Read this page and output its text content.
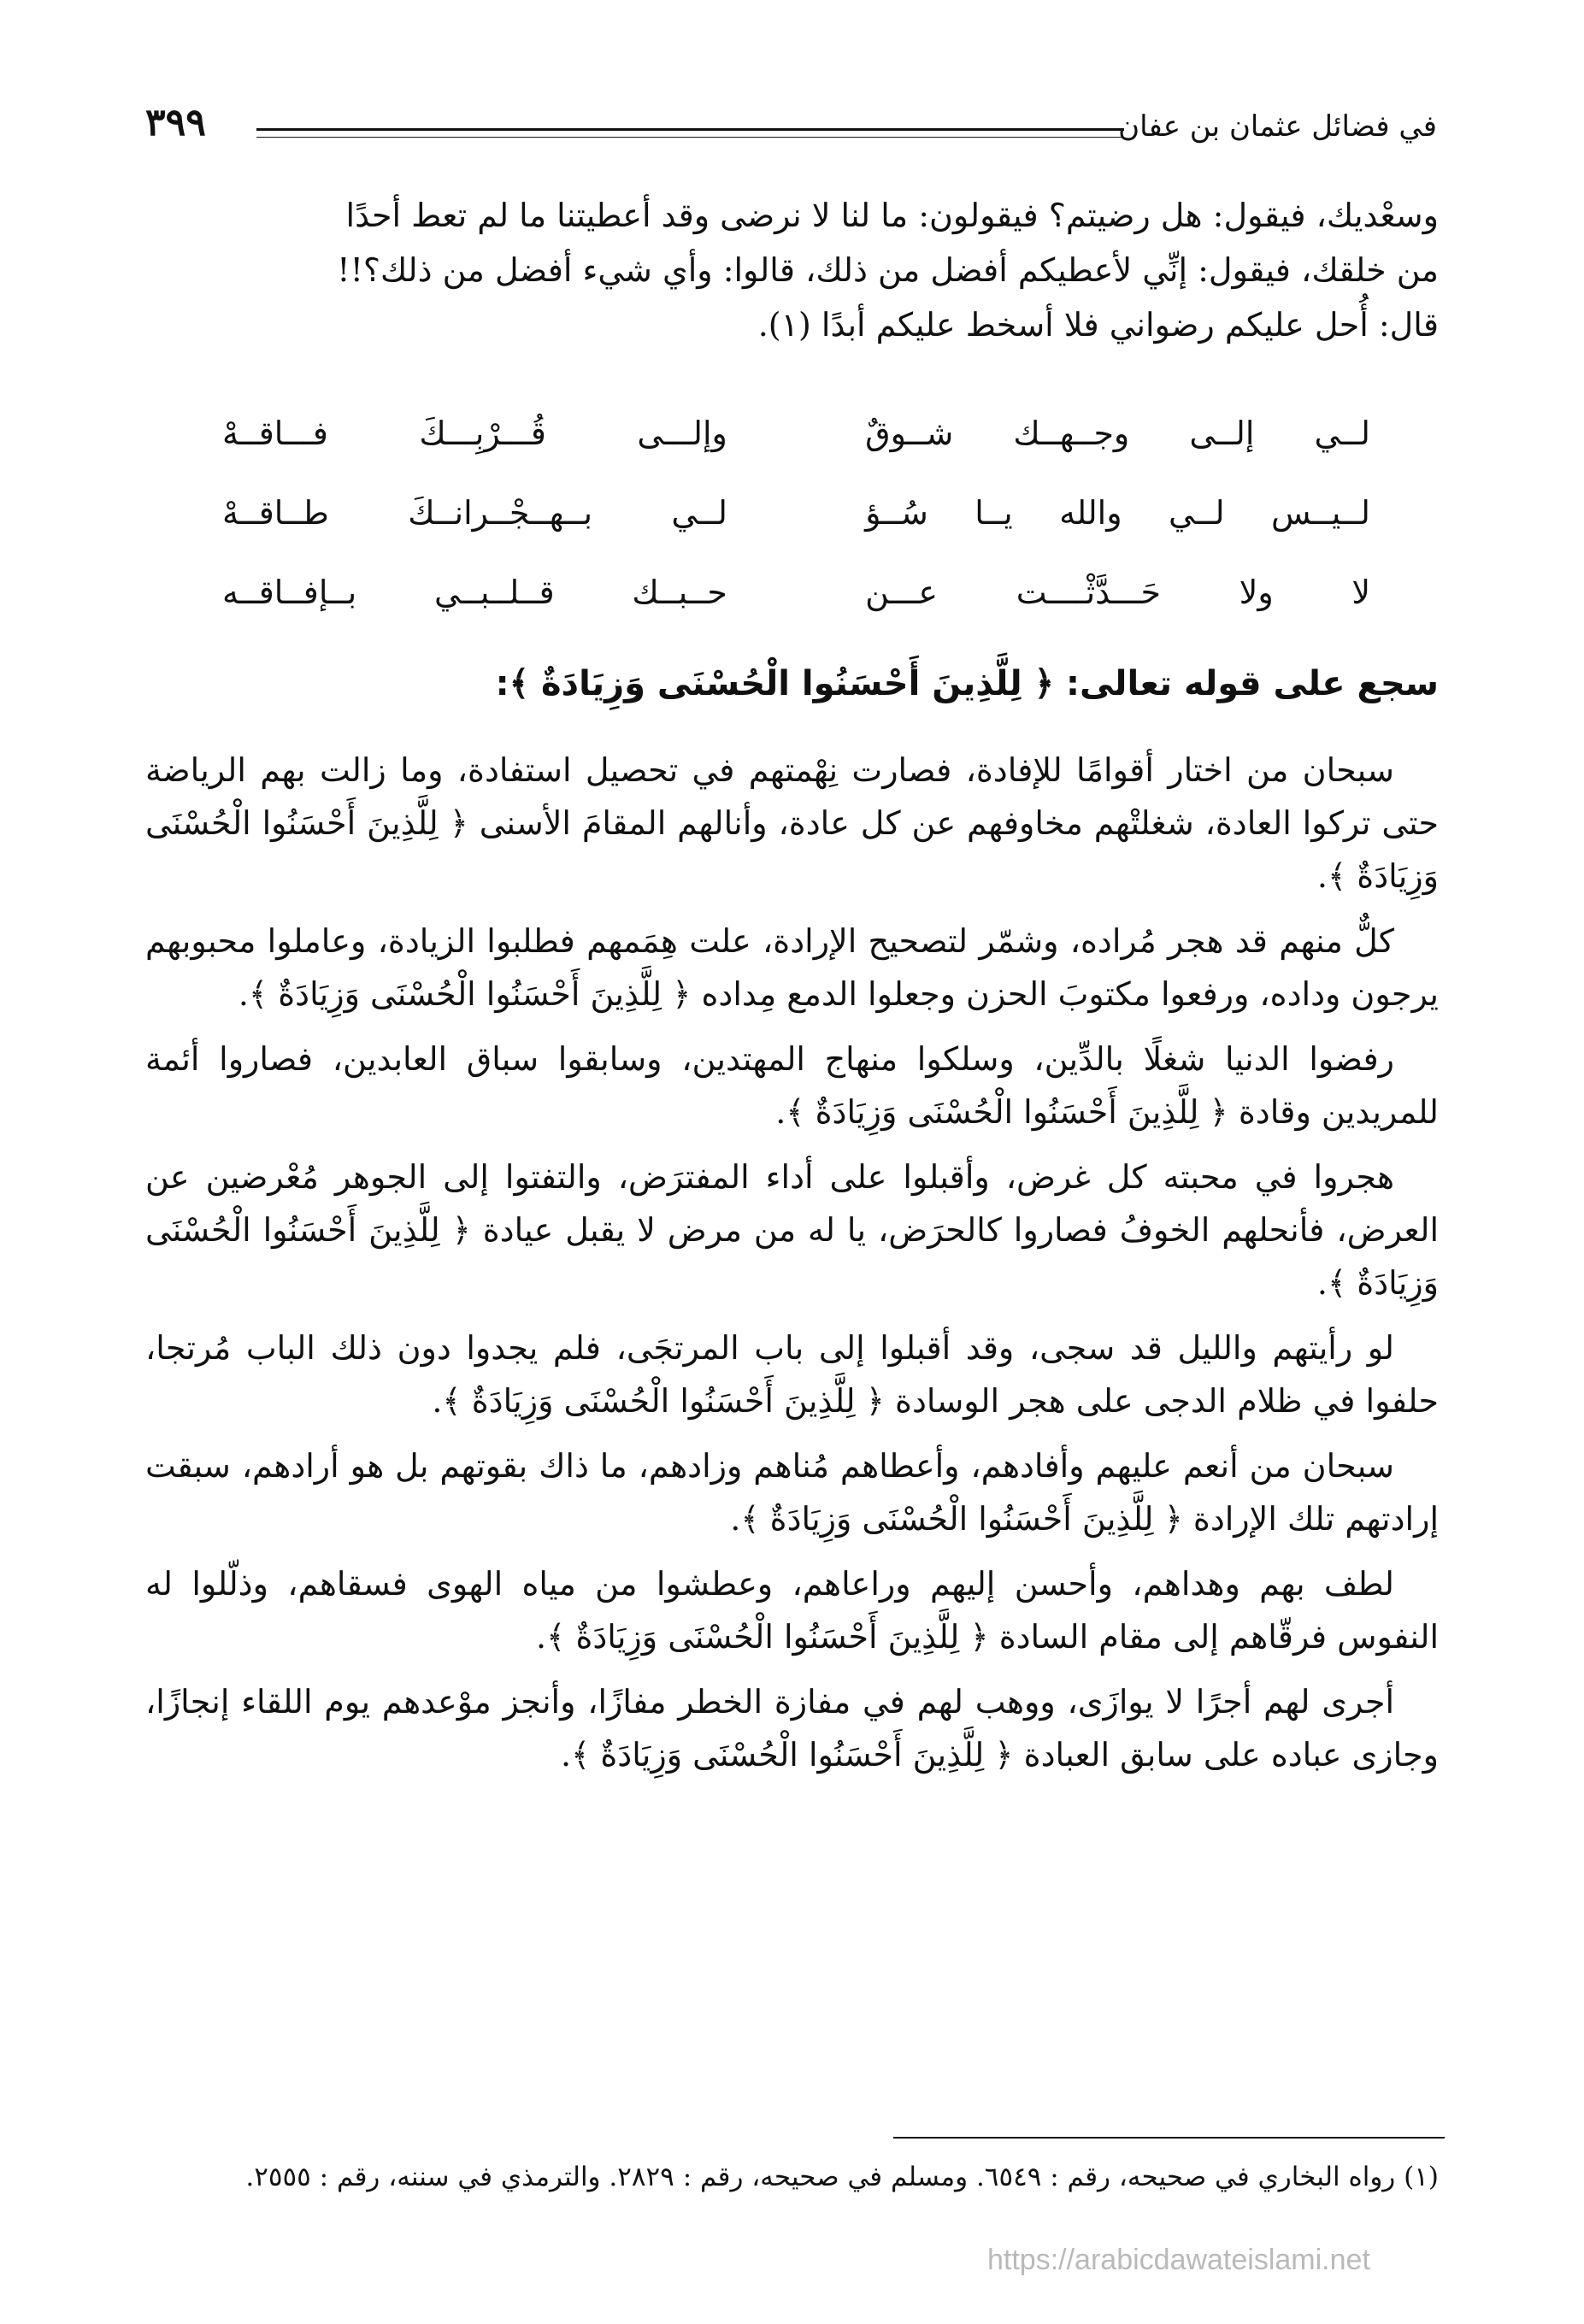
في فضائل عثمان بن عفان
٣٩٩
وسعْديك، فيقول: هل رضيتم؟ فيقولون: ما لنا لا نرضى وقد أعطيتنا ما لم تعط أحدًا
من خلقك، فيقول: إنِّي لأعطيكم أفضل من ذلك، قالوا: وأي شيء أفضل من ذلك؟!!
قال: أُحل عليكم رضواني فلا أسخط عليكم أبدًا (١).
لــي إلــى وجــهــك شــوقٌ
وإلـــى قُـــرْبِـــكَ فـــاقــهْ
لــيــس لــي والله يــا سُــؤ
لــي بــهــجْــرانــكَ طــاقــهْ
لا ولا حَـــدَّثْــــت عـــن
حــبــك قــلــبــي بــإفــاقــه
سجع على قوله تعالى: ﴿ لِلَّذِينَ أَحْسَنُوا الْحُسْنَى وَزِيَادَةٌ ﴾:

سبحان من اختار أقوامًا للإفادة، فصارت نِهْمتهم في تحصيل استفادة، وما زالت بهم الرياضة حتى تركوا العادة، شغلتْهم مخاوفهم عن كل عادة، وأنالهم المقامَ الأسنى ﴿ لِلَّذِينَ أَحْسَنُوا الْحُسْنَى وَزِيَادَةٌ ﴾.

كلٌّ منهم قد هجر مُراده، وشمّر لتصحيح الإرادة، علت هِمَمهم فطلبوا الزيادة، وعاملوا محبوبهم يرجون وداده، ورفعوا مكتوبَ الحزن وجعلوا الدمع مِداده ﴿ لِلَّذِينَ أَحْسَنُوا الْحُسْنَى وَزِيَادَةٌ ﴾.

رفضوا الدنيا شغلًا بالدِّين، وسلكوا منهاج المهتدين، وسابقوا سباق العابدين، فصاروا أئمة للمريدين وقادة ﴿ لِلَّذِينَ أَحْسَنُوا الْحُسْنَى وَزِيَادَةٌ ﴾.

هجروا في محبته كل غرض، وأقبلوا على أداء المفترَض، والتفتوا إلى الجوهر مُعْرضين عن العرض، فأنحلهم الخوفُ فصاروا كالحرَض، يا له من مرض لا يقبل عيادة ﴿ لِلَّذِينَ أَحْسَنُوا الْحُسْنَى وَزِيَادَةٌ ﴾.

لو رأيتهم والليل قد سجى، وقد أقبلوا إلى باب المرتجَى، فلم يجدوا دون ذلك الباب مُرتجا، حلفوا في ظلام الدجى على هجر الوسادة ﴿ لِلَّذِينَ أَحْسَنُوا الْحُسْنَى وَزِيَادَةٌ ﴾.

سبحان من أنعم عليهم وأفادهم، وأعطاهم مُناهم وزادهم، ما ذاك بقوتهم بل هو أرادهم، سبقت إرادتهم تلك الإرادة ﴿ لِلَّذِينَ أَحْسَنُوا الْحُسْنَى وَزِيَادَةٌ ﴾.

لطف بهم وهداهم، وأحسن إليهم وراعاهم، وعطشوا من مياه الهوى فسقاهم، وذلّلوا له النفوس فرقّاهم إلى مقام السادة ﴿ لِلَّذِينَ أَحْسَنُوا الْحُسْنَى وَزِيَادَةٌ ﴾.

أجرى لهم أجرًا لا يوازَى، ووهب لهم في مفازة الخطر مفازًا، وأنجز موْعدهم يوم اللقاء إنجازًا، وجازى عباده على سابق العبادة ﴿ لِلَّذِينَ أَحْسَنُوا الْحُسْنَى وَزِيَادَةٌ ﴾.

(١) رواه البخاري في صحيحه، رقم : ٦٥٤٩. ومسلم في صحيحه، رقم : ٢٨٢٩. والترمذي في سننه، رقم : ٢٥٥٥.
https://arabicdawateislami.net
